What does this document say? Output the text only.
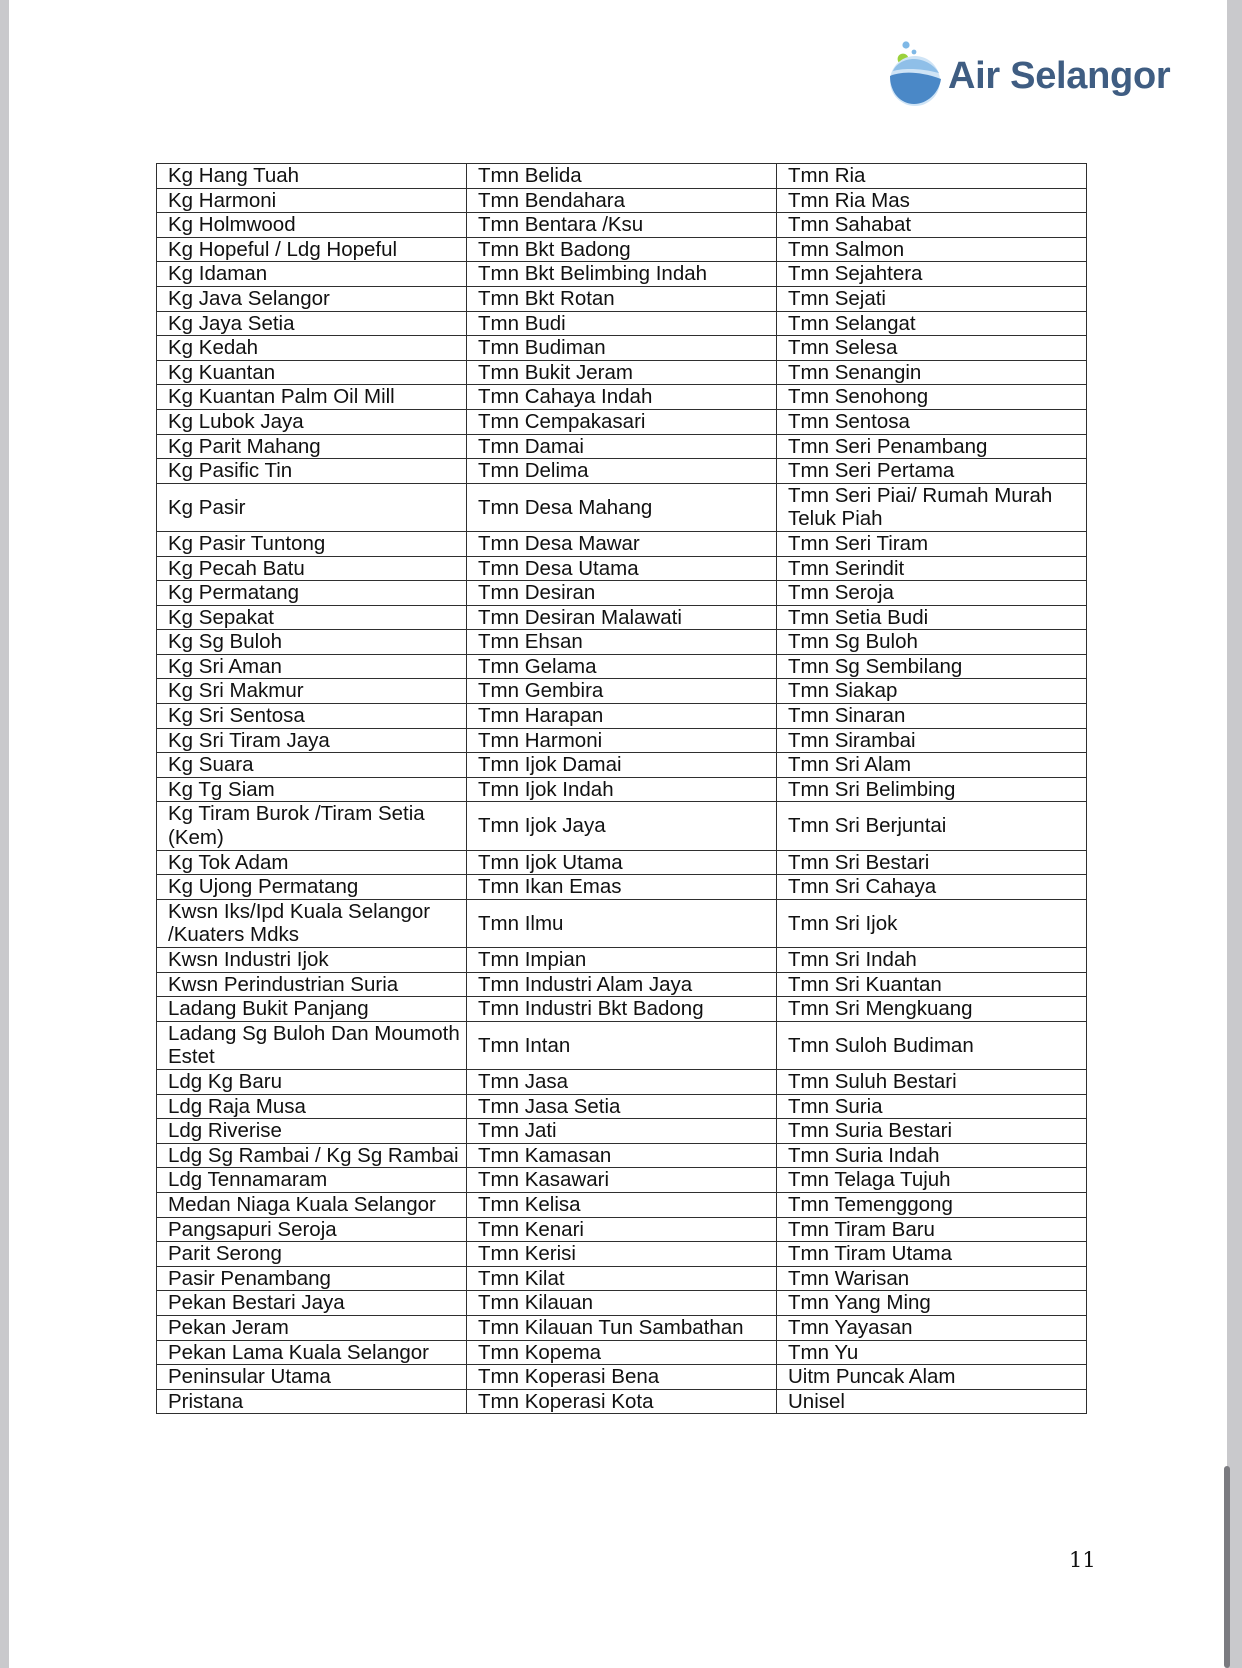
Air Selangor
Kg Hang Tuah	Tmn Belida	Tmn Ria
Kg Harmoni	Tmn Bendahara	Tmn Ria Mas
Kg Holmwood	Tmn Bentara /Ksu	Tmn Sahabat
Kg Hopeful / Ldg Hopeful	Tmn Bkt Badong	Tmn Salmon
Kg Idaman	Tmn Bkt Belimbing Indah	Tmn Sejahtera
Kg Java Selangor	Tmn Bkt Rotan	Tmn Sejati
Kg Jaya Setia	Tmn Budi	Tmn Selangat
Kg Kedah	Tmn Budiman	Tmn Selesa
Kg Kuantan	Tmn Bukit Jeram	Tmn Senangin
Kg Kuantan Palm Oil Mill	Tmn Cahaya Indah	Tmn Senohong
Kg Lubok Jaya	Tmn Cempakasari	Tmn Sentosa
Kg Parit Mahang	Tmn Damai	Tmn Seri Penambang
Kg Pasific Tin	Tmn Delima	Tmn Seri Pertama
Kg Pasir	Tmn Desa Mahang	Tmn Seri Piai/ Rumah Murah Teluk Piah
Kg Pasir Tuntong	Tmn Desa Mawar	Tmn Seri Tiram
Kg Pecah Batu	Tmn Desa Utama	Tmn Serindit
Kg Permatang	Tmn Desiran	Tmn Seroja
Kg Sepakat	Tmn Desiran Malawati	Tmn Setia Budi
Kg Sg Buloh	Tmn Ehsan	Tmn Sg Buloh
Kg Sri Aman	Tmn Gelama	Tmn Sg Sembilang
Kg Sri Makmur	Tmn Gembira	Tmn Siakap
Kg Sri Sentosa	Tmn Harapan	Tmn Sinaran
Kg Sri Tiram Jaya	Tmn Harmoni	Tmn Sirambai
Kg Suara	Tmn Ijok Damai	Tmn Sri Alam
Kg Tg Siam	Tmn Ijok Indah	Tmn Sri Belimbing
Kg Tiram Burok /Tiram Setia (Kem)	Tmn Ijok Jaya	Tmn Sri Berjuntai
Kg Tok Adam	Tmn Ijok Utama	Tmn Sri Bestari
Kg Ujong Permatang	Tmn Ikan Emas	Tmn Sri Cahaya
Kwsn Iks/Ipd Kuala Selangor /Kuaters Mdks	Tmn Ilmu	Tmn Sri Ijok
Kwsn Industri Ijok	Tmn Impian	Tmn Sri Indah
Kwsn Perindustrian Suria	Tmn Industri Alam Jaya	Tmn Sri Kuantan
Ladang Bukit Panjang	Tmn Industri Bkt Badong	Tmn Sri Mengkuang
Ladang Sg Buloh Dan Moumoth Estet	Tmn Intan	Tmn Suloh Budiman
Ldg Kg Baru	Tmn Jasa	Tmn Suluh Bestari
Ldg Raja Musa	Tmn Jasa Setia	Tmn Suria
Ldg Riverise	Tmn Jati	Tmn Suria Bestari
Ldg Sg Rambai / Kg Sg Rambai	Tmn Kamasan	Tmn Suria Indah
Ldg Tennamaram	Tmn Kasawari	Tmn Telaga Tujuh
Medan Niaga Kuala Selangor	Tmn Kelisa	Tmn Temenggong
Pangsapuri Seroja	Tmn Kenari	Tmn Tiram Baru
Parit Serong	Tmn Kerisi	Tmn Tiram Utama
Pasir Penambang	Tmn Kilat	Tmn Warisan
Pekan Bestari Jaya	Tmn Kilauan	Tmn Yang Ming
Pekan Jeram	Tmn Kilauan Tun Sambathan	Tmn Yayasan
Pekan Lama Kuala Selangor	Tmn Kopema	Tmn Yu
Peninsular Utama	Tmn Koperasi Bena	Uitm Puncak Alam
Pristana	Tmn Koperasi Kota	Unisel
11
